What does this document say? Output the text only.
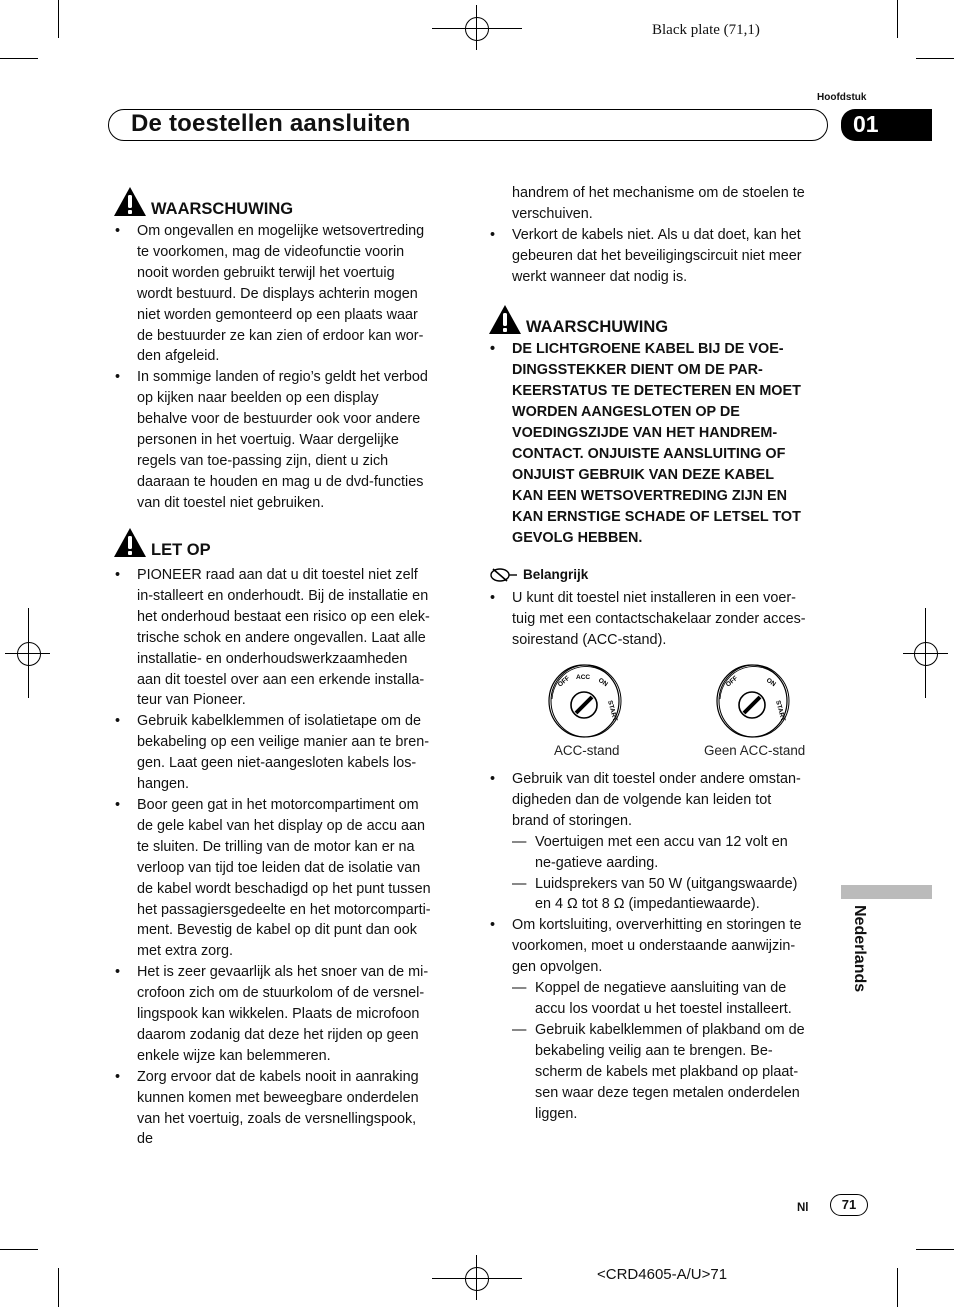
Black plate (71,1)
Hoofdstuk
De toestellen aansluiten	01
WAARSCHUWING
• Om ongevallen en mogelijke wetsovertreding te voorkomen, mag de videofunctie voorin nooit worden gebruikt terwijl het voertuig wordt bestuurd. De displays achterin mogen niet worden gemonteerd op een plaats waar de bestuurder ze kan zien of erdoor kan wor-den afgeleid.
• In sommige landen of regio’s geldt het verbod op kijken naar beelden op een display behalve voor de bestuurder ook voor andere personen in het voertuig. Waar dergelijke regels van toe-passing zijn, dient u zich daaraan te houden en mag u de dvd-functies van dit toestel niet gebruiken.
LET OP
• PIONEER raad aan dat u dit toestel niet zelf in-stalleert en onderhoudt. Bij de installatie en het onderhoud bestaat een risico op een elek-trische schok en andere ongevallen. Laat alle installatie- en onderhoudswerkzaamheden aan dit toestel over aan een erkende installa-teur van Pioneer.
• Gebruik kabelklemmen of isolatietape om de bekabeling op een veilige manier aan te bren-gen. Laat geen niet-aangesloten kabels los-hangen.
• Boor geen gat in het motorcompartiment om de gele kabel van het display op de accu aan te sluiten. De trilling van de motor kan er na verloop van tijd toe leiden dat de isolatie van de kabel wordt beschadigd op het punt tussen het passagiersgedeelte en het motorcomparti-ment. Bevestig de kabel op dit punt dan ook met extra zorg.
• Het is zeer gevaarlijk als het snoer van de mi-crofoon zich om de stuurkolom of de versnel-lingspook kan wikkelen. Plaats de microfoon daarom zodanig dat deze het rijden op geen enkele wijze kan belemmeren.
• Zorg ervoor dat de kabels nooit in aanraking kunnen komen met beweegbare onderdelen van het voertuig, zoals de versnellingspook, de
handrem of het mechanisme om de stoelen te verschuiven.
• Verkort de kabels niet. Als u dat doet, kan het gebeuren dat het beveiligingscircuit niet meer werkt wanneer dat nodig is.
WAARSCHUWING
• DE LICHTGROENE KABEL BIJ DE VOE-DINGSSTEKKER DIENT OM DE PAR-KEERSTATUS TE DETECTEREN EN MOET WORDEN AANGESLOTEN OP DE VOEDINGSZIJDE VAN HET HANDREM-CONTACT. ONJUISTE AANSLUITING OF ONJUIST GEBRUIK VAN DEZE KABEL KAN EEN WETSOVERTREDING ZIJN EN KAN ERNSTIGE SCHADE OF LETSEL TOT GEVOLG HEBBEN.
Belangrijk
• U kunt dit toestel niet installeren in een voer-tuig met een contactschakelaar zonder acces-soirestand (ACC-stand).
OFF ACC ON
START
OFF	ON
START
ACC-stand	Geen ACC-stand
• Gebruik van dit toestel onder andere omstan-digheden dan de volgende kan leiden tot brand of storingen.
— Voertuigen met een accu van 12 volt en ne-gatieve aarding.
— Luidsprekers van 50 W (uitgangswaarde) en 4 Ω tot 8 Ω (impedantiewaarde).
• Om kortsluiting, oververhitting en storingen te voorkomen, moet u onderstaande aanwijzin-gen opvolgen.
— Koppel de negatieve aansluiting van de accu los voordat u het toestel installeert.
— Gebruik kabelklemmen of plakband om de bekabeling veilig aan te brengen. Be-scherm de kabels met plakband op plaat-sen waar deze tegen metalen onderdelen liggen.
Nederlands
Nl	71
<CRD4605-A/U>71
